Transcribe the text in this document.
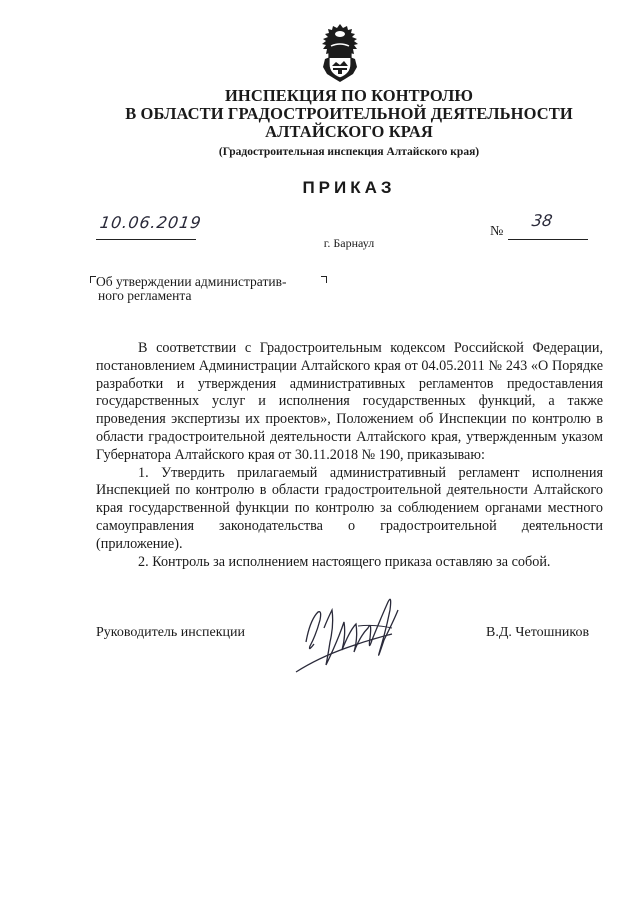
ИНСПЕКЦИЯ ПО КОНТРОЛЮ
В ОБЛАСТИ ГРАДОСТРОИТЕЛЬНОЙ ДЕЯТЕЛЬНОСТИ
АЛТАЙСКОГО КРАЯ
(Градостроительная инспекция Алтайского края)
ПРИКАЗ
10.06.2019	№
38
г. Барнаул
Об утверждении административ-
ного регламента

В соответствии с Градостроительным кодексом Российской Федерации, постановлением Администрации Алтайского края от 04.05.2011 № 243 «О Порядке разработки и утверждения административных регламентов предоставления государственных услуг и исполнения государственных функций, а также проведения экспертизы их проектов», Положением об Инспекции по контролю в области градостроительной деятельности Алтайского края, утвержденным указом Губернатора Алтайского края от 30.11.2018 № 190, приказываю:

1. Утвердить прилагаемый административный регламент исполнения Инспекцией по контролю в области градостроительной деятельности Алтайского края государственной функции по контролю за соблюдением органами местного самоуправления законодательства о градостроительной деятельности (приложение).

2. Контроль за исполнением настоящего приказа оставляю за собой.

Руководитель инспекции	В.Д. Четошников
